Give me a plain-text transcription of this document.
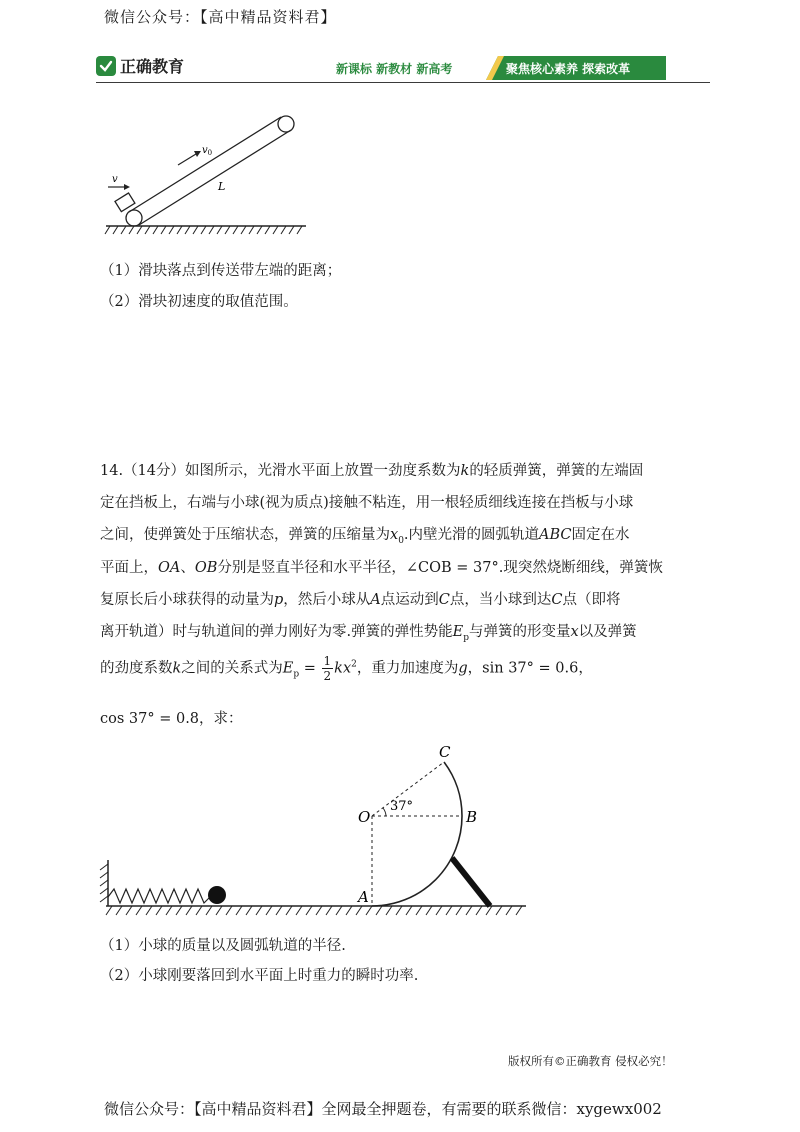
微信公众号：【高中精品资料君】
正确教育	新课标 新教材 新高考	聚焦核心素养 探索改革
v
$v_0$
L
（1）滑块落点到传送带左端的距离；
（2）滑块初速度的取值范围。
14.（14分）如图所示，光滑水平面上放置一劲度系数为k的轻质弹簧，弹簧的左端固
定在挡板上，右端与小球(视为质点)接触不粘连，用一根轻质细线连接在挡板与小球
之间，使弹簧处于压缩状态，弹簧的压缩量为$x_0$.内壁光滑的圆弧轨道ABC固定在水
平面上，OA、OB分别是竖直半径和水平半径，∠COB = 37°.现突然烧断细线，弹簧恢
复原长后小球获得的动量为p，然后小球从A点运动到C点，当小球到达C点（即将
离开轨道）时与轨道间的弹力刚好为零.弹簧的弹性势能$E_p$与弹簧的形变量x以及弹簧
的劲度系数k之间的关系式为$E_p = \frac{1}{2} kx^2$，重力加速度为g，sin 37° = 0.6，
cos 37° = 0.8，求：
C
O	B
A
37°
（1）小球的质量以及圆弧轨道的半径.
（2）小球刚要落回到水平面上时重力的瞬时功率.
版权所有©正确教育 侵权必究！
微信公众号：【高中精品资料君】全网最全押题卷，有需要的联系微信：xygewx002
